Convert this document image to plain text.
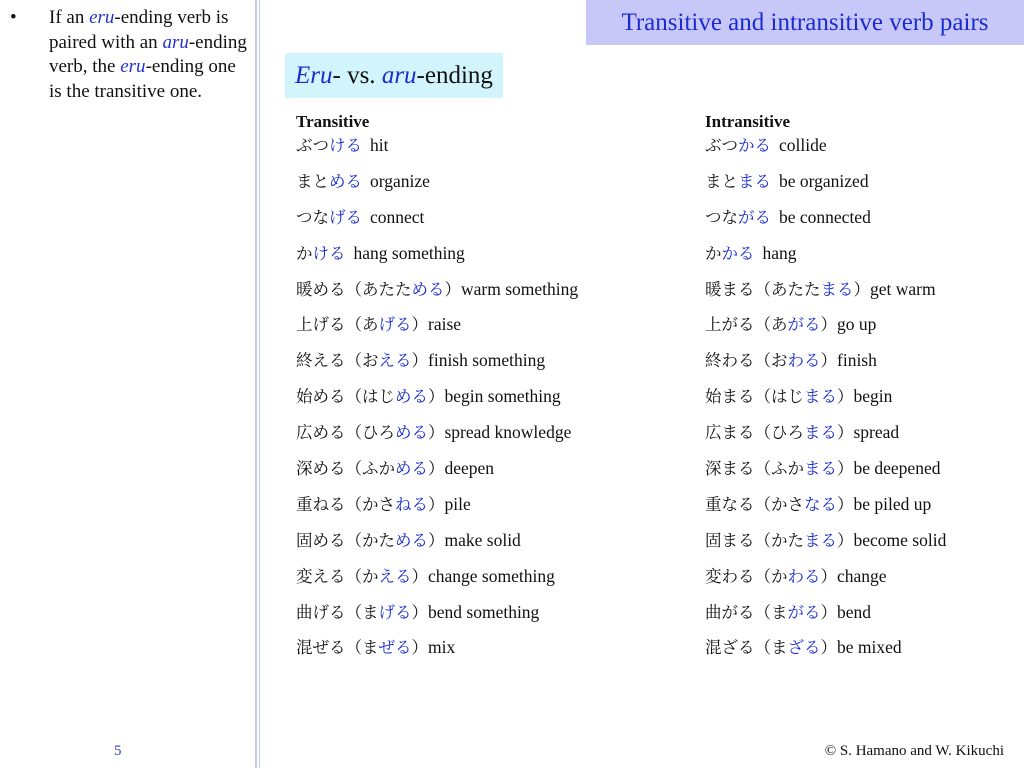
• If an eru-ending verb is paired with an aru-ending verb, the eru-ending one is the transitive one.
5
Transitive and intransitive verb pairs
Eru- vs. aru-ending
Transitive
ぶつける hit
まとめる organize
つなげる connect
かける hang something
暖める（あたためる）warm something
上げる（あげる）raise
終える（おえる）finish something
始める（はじめる）begin something
広める（ひろめる）spread knowledge
深める（ふかめる）deepen
重ねる（かさねる）pile
固める（かためる）make solid
変える（かえる）change something
曲げる（まげる）bend something
混ぜる（まぜる）mix
Intransitive
ぶつかる collide
まとまる be organized
つながる be connected
かかる hang
暖まる（あたたまる）get warm
上がる（あがる）go up
終わる（おわる）finish
始まる（はじまる）begin
広まる（ひろまる）spread
深まる（ふかまる）be deepened
重なる（かさなる）be piled up
固まる（かたまる）become solid
変わる（かわる）change
曲がる（まがる）bend
混ざる（まざる）be mixed
© S. Hamano and W. Kikuchi
